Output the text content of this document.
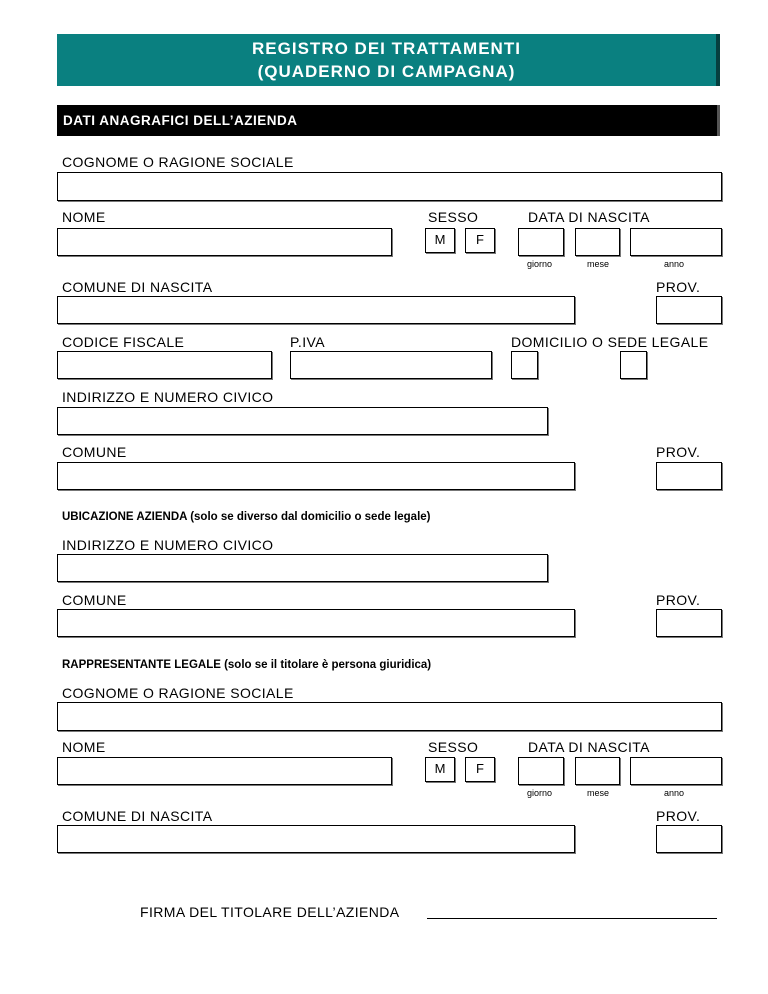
REGISTRO DEI TRATTAMENTI
(QUADERNO DI CAMPAGNA)
DATI ANAGRAFICI DELL’AZIENDA
COGNOME O RAGIONE SOCIALE
NOME	SESSO
M	F
DATA DI NASCITA
giorno	mese	anno
COMUNE DI NASCITA	PROV.
CODICE FISCALE	P.IVA	DOMICILIO O SEDE LEGALE
INDIRIZZO E NUMERO CIVICO
COMUNE	PROV.
UBICAZIONE AZIENDA (solo se diverso dal domicilio o sede legale)
INDIRIZZO E NUMERO CIVICO
COMUNE	PROV.
RAPPRESENTANTE LEGALE (solo se il titolare è persona giuridica)
COGNOME O RAGIONE SOCIALE
NOME	SESSO
M	F
DATA DI NASCITA
giorno	mese	anno
COMUNE DI NASCITA	PROV.
FIRMA DEL TITOLARE DELL’AZIENDA
